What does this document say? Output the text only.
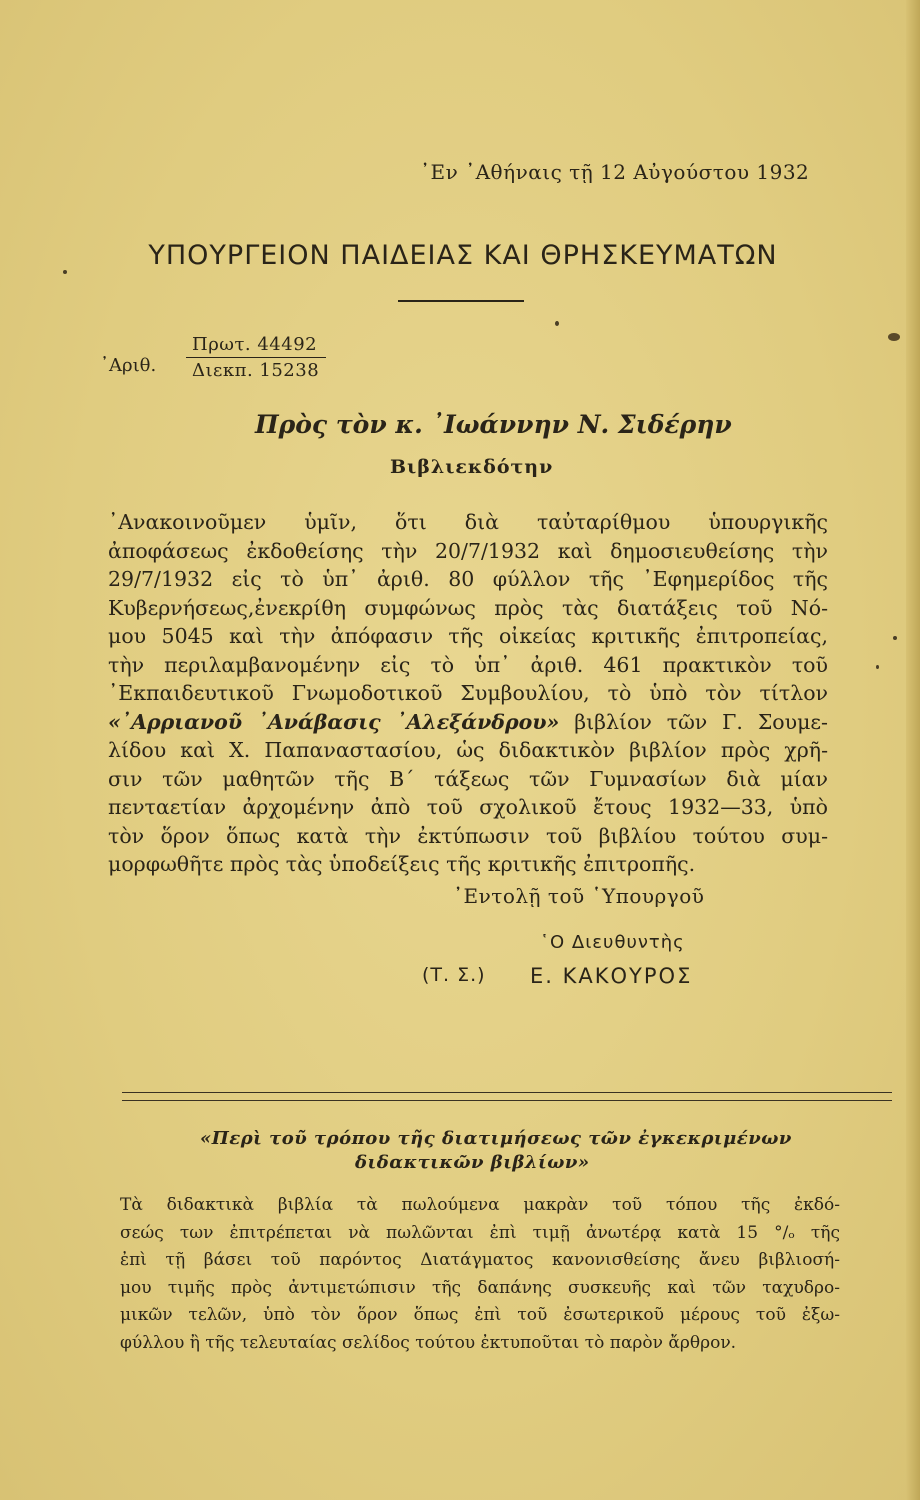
᾿Εν ᾿Αθήναις τῇ 12 Αὐγούστου 1932
ΥΠΟΥΡΓΕΙΟΝ ΠΑΙΔΕΙΑΣ ΚΑΙ ΘΡΗΣΚΕΥΜΑΤΩΝ
᾿Αριθ.
Πρωτ. 44492
Διεκπ. 15238
Πρὸς τὸν κ. ᾿Ιωάννην Ν. Σιδέρην
Βιβλιεκδότην
᾿Ανακοινοῦμεν ὑμῖν, ὅτι διὰ ταὐταρίθμου ὑπουργικῆς
ἀποφάσεως ἐκδοθείσης τὴν 20/7/1932 καὶ δημοσιευθείσης τὴν
29/7/1932 εἰς τὸ ὑπ᾿ ἀριθ. 80 φύλλον τῆς ᾿Εφημερίδος τῆς
Κυβερνήσεως,ἐνεκρίθη συμφώνως πρὸς τὰς διατάξεις τοῦ Νό-
μου 5045 καὶ τὴν ἀπόφασιν τῆς οἰκείας κριτικῆς ἐπιτροπείας,
τὴν περιλαμβανομένην εἰς τὸ ὑπ᾿ ἀριθ. 461 πρακτικὸν τοῦ
᾿Εκπαιδευτικοῦ Γνωμοδοτικοῦ Συμβουλίου, τὸ ὑπὸ τὸν τίτλον
«᾿Αρριανοῦ ᾿Ανάβασις ᾿Αλεξάνδρου» βιβλίον τῶν Γ. Σουμε-
λίδου καὶ Χ. Παπαναστασίου, ὡς διδακτικὸν βιβλίον πρὸς χρῆ-
σιν τῶν μαθητῶν τῆς Β´ τάξεως τῶν Γυμνασίων διὰ μίαν
πενταετίαν ἀρχομένην ἀπὸ τοῦ σχολικοῦ ἔτους 1932—33, ὑπὸ
τὸν ὅρον ὅπως κατὰ τὴν ἐκτύπωσιν τοῦ βιβλίου τούτου συμ-
μορφωθῆτε πρὸς τὰς ὑποδείξεις τῆς κριτικῆς ἐπιτροπῆς.
᾿Εντολῇ τοῦ ῾Υπουργοῦ
῾Ο Διευθυντὴς
(Τ. Σ.) Ε. ΚΑΚΟΥΡΟΣ
«Περὶ τοῦ τρόπου τῆς διατιμήσεως τῶν ἐγκεκριμένων
διδακτικῶν βιβλίων»
Τὰ διδακτικὰ βιβλία τὰ πωλούμενα μακρὰν τοῦ τόπου τῆς ἐκδό-
σεώς των ἐπιτρέπεται νὰ πωλῶνται ἐπὶ τιμῇ ἀνωτέρᾳ κατὰ 15 °/ₒ τῆς
ἐπὶ τῇ βάσει τοῦ παρόντος Διατάγματος κανονισθείσης ἄνευ βιβλιοσή-
μου τιμῆς πρὸς ἀντιμετώπισιν τῆς δαπάνης συσκευῆς καὶ τῶν ταχυδρο-
μικῶν τελῶν, ὑπὸ τὸν ὅρον ὅπως ἐπὶ τοῦ ἐσωτερικοῦ μέρους τοῦ ἐξω-
φύλλου ἢ τῆς τελευταίας σελίδος τούτου ἐκτυποῦται τὸ παρὸν ἄρθρον.
